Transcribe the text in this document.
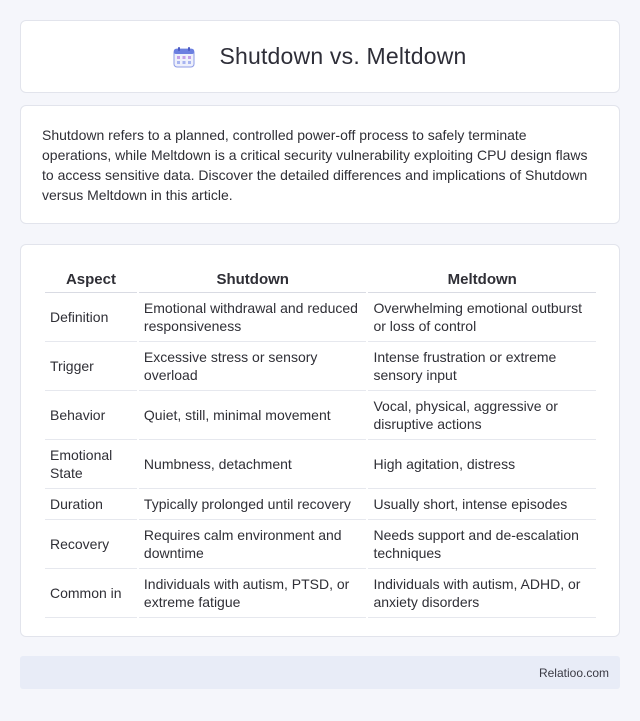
Shutdown vs. Meltdown

Shutdown refers to a planned, controlled power-off process to safely terminate operations, while Meltdown is a critical security vulnerability exploiting CPU design flaws to access sensitive data. Discover the detailed differences and implications of Shutdown versus Meltdown in this article.

Aspect	Shutdown	Meltdown
Definition	Emotional withdrawal and reduced responsiveness	Overwhelming emotional outburst or loss of control
Trigger	Excessive stress or sensory overload	Intense frustration or extreme sensory input
Behavior	Quiet, still, minimal movement	Vocal, physical, aggressive or disruptive actions
Emotional State	Numbness, detachment	High agitation, distress
Duration	Typically prolonged until recovery	Usually short, intense episodes
Recovery	Requires calm environment and downtime	Needs support and de-escalation techniques
Common in	Individuals with autism, PTSD, or extreme fatigue	Individuals with autism, ADHD, or anxiety disorders
Relatioo.com
